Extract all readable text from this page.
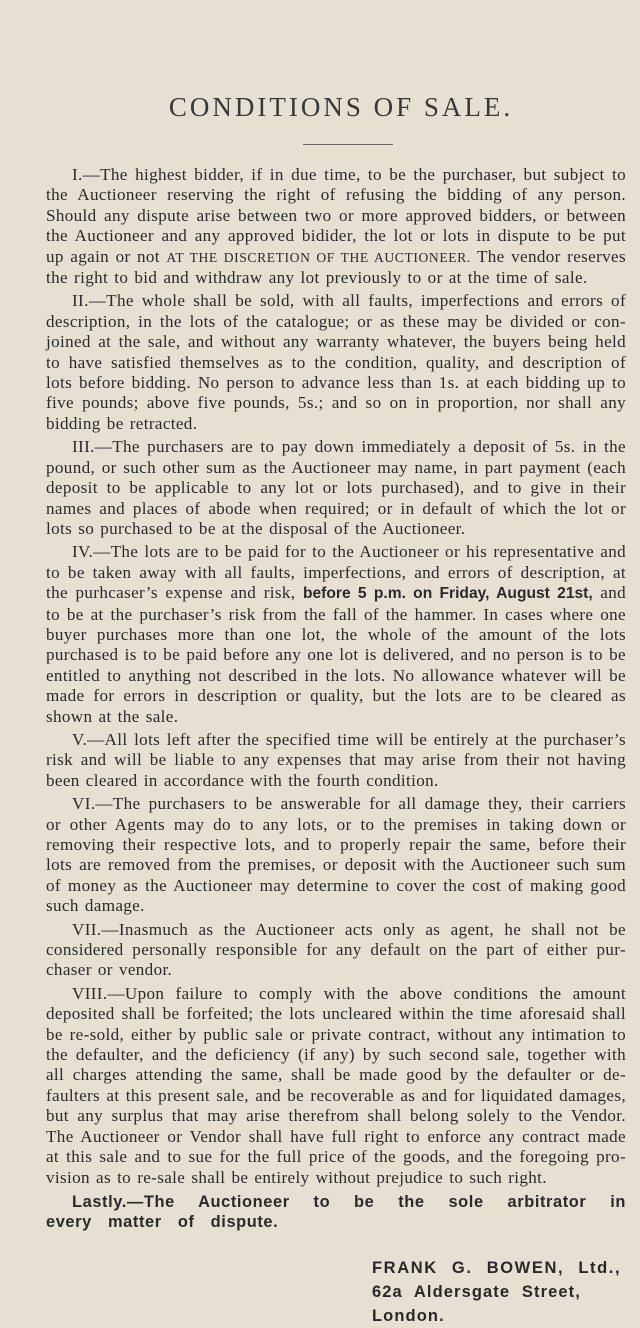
CONDITIONS OF SALE.

I.—The highest bidder, if in due time, to be the purchaser, but subject to the Auctioneer reserving the right of refusing the bidding of any person. Should any dispute arise between two or more approved bidders, or between the Auctioneer and any approved bidider, the lot or lots in dispute to be put up again or not AT THE DISCRETION OF THE AUCTIONEER. The vendor reserves the right to bid and withdraw any lot previously to or at the time of sale.

II.—The whole shall be sold, with all faults, imperfections and errors of description, in the lots of the catalogue; or as these may be divided or con- joined at the sale, and without any warranty whatever, the buyers being held to have satisfied themselves as to the condition, quality, and description of lots before bidding. No person to advance less than 1s. at each bidding up to five pounds; above five pounds, 5s.; and so on in proportion, nor shall any bidding be retracted.

III.—The purchasers are to pay down immediately a deposit of 5s. in the pound, or such other sum as the Auctioneer may name, in part payment (each deposit to be applicable to any lot or lots purchased), and to give in their names and places of abode when required; or in default of which the lot or lots so purchased to be at the disposal of the Auctioneer.

IV.—The lots are to be paid for to the Auctioneer or his representative and to be taken away with all faults, imperfections, and errors of description, at the purhcaser’s expense and risk, before 5 p.m. on Friday, August 21st, and to be at the purchaser’s risk from the fall of the hammer. In cases where one buyer purchases more than one lot, the whole of the amount of the lots purchased is to be paid before any one lot is delivered, and no person is to be entitled to anything not described in the lots. No allowance whatever will be made for errors in description or quality, but the lots are to be cleared as shown at the sale.

V.—All lots left after the specified time will be entirely at the purchaser’s risk and will be liable to any expenses that may arise from their not having been cleared in accordance with the fourth condition.

VI.—The purchasers to be answerable for all damage they, their carriers or other Agents may do to any lots, or to the premises in taking down or removing their respective lots, and to properly repair the same, before their lots are removed from the premises, or deposit with the Auctioneer such sum of money as the Auctioneer may determine to cover the cost of making good such damage.

VII.—Inasmuch as the Auctioneer acts only as agent, he shall not be considered personally responsible for any default on the part of either pur- chaser or vendor.

VIII.—Upon failure to comply with the above conditions the amount deposited shall be forfeited; the lots uncleared within the time aforesaid shall be re-sold, either by public sale or private contract, without any intimation to the defaulter, and the deficiency (if any) by such second sale, together with all charges attending the same, shall be made good by the defaulter or de- faulters at this present sale, and be recoverable as and for liquidated damages, but any surplus that may arise therefrom shall belong solely to the Vendor. The Auctioneer or Vendor shall have full right to enforce any contract made at this sale and to sue for the full price of the goods, and the foregoing pro- vision as to re-sale shall be entirely without prejudice to such right.

Lastly.—The Auctioneer to be the sole arbitrator in every matter of dispute.

FRANK G. BOWEN, Ltd.,
62a Aldersgate Street, London.
